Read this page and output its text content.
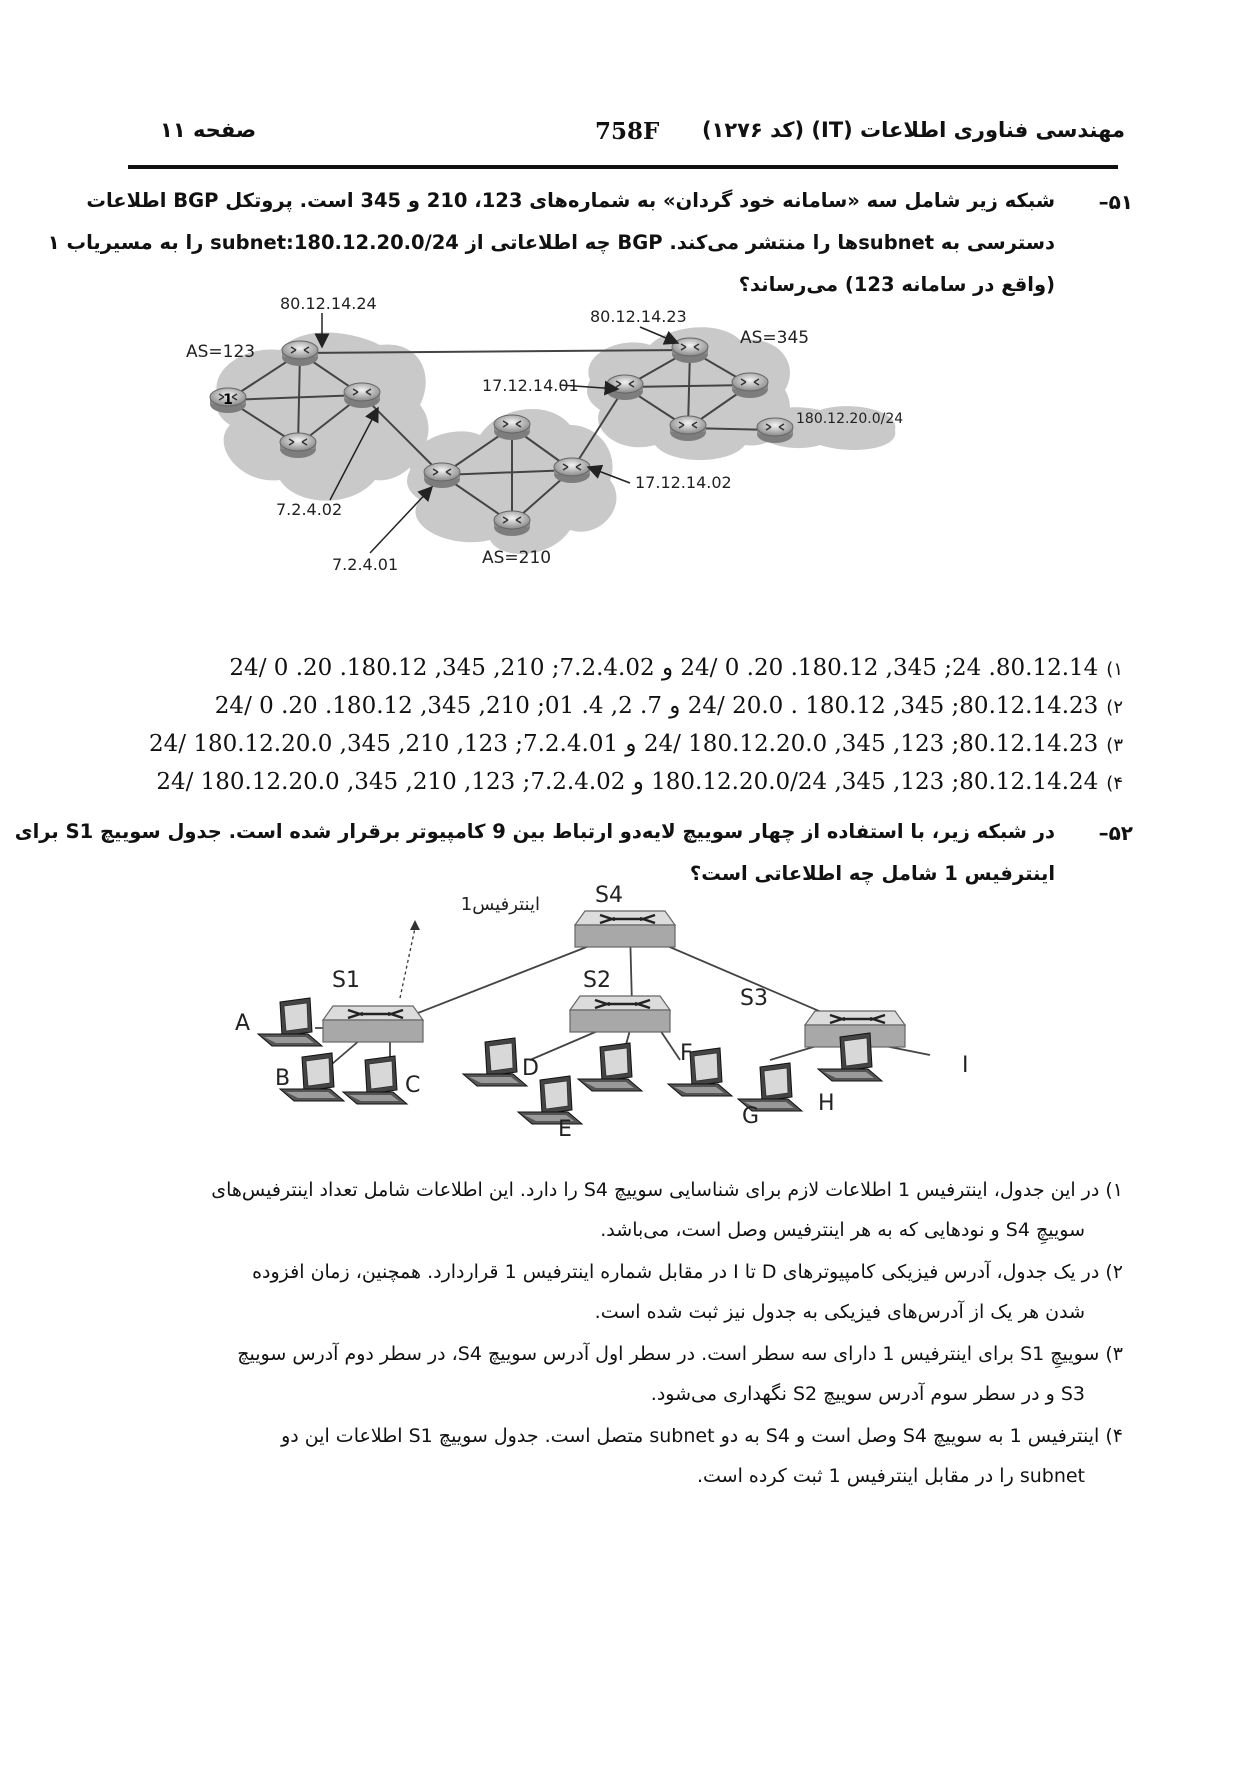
صفحه ۱۱	758F مهندسی فناوری اطلاعات (IT) (کد ۱۲۷۶)
۵۱–
شبکه زیر شامل سه «سامانه خود گردان» به شماره‌های 123، 210 و 345 است. پروتکل BGP اطلاعات
دسترسی به subnetها را منتشر می‌کند. BGP چه اطلاعاتی از subnet:180.12.20.0/24 را به مسیریاب ۱
(واقع در سامانه 123) می‌رساند؟
1
80.12.14.24
80.12.14.23
AS=123
AS=345
17.12.14.01
180.12.20.0/24
17.12.14.02
7.2.4.02
7.2.4.01	AS=210
۱)80.12.14. 24; 345, 180.12. 20. 0 /24 و 7.2.4.02; 210, 345, 180.12. 20. 0 /24
۲)80.12.14.23; 345, 180.12 . 20.0 /24 و 7. 2, 4. 01; 210, 345, 180.12. 20. 0 /24
۳)80.12.14.23; 123, 345, 180.12.20.0 /24 و 7.2.4.01; 123, 210, 345, 180.12.20.0 /24
۴)80.12.14.24; 123, 345, 180.12.20.0/24 و 7.2.4.02; 123, 210, 345, 180.12.20.0 /24
۵۲–
در شبکه زیر، با استفاده از چهار سوییچ لایه‌دو ارتباط بین 9 کامپیوتر برقرار شده است. جدول سوییچ S1 برای
اینترفیس 1 شامل چه اطلاعاتی است؟
S4
S1	S2
S3
A
B	C
D
E
F
G
H
I
اینترفیس1
۱) در این جدول، اینترفیس 1 اطلاعات لازم برای شناسایی سوییچ S4 را دارد. این اطلاعات شامل تعداد اینترفیس‌های
سوییچِ S4 و نودهایی که به هر اینترفیس وصل است، می‌باشد.
۲) در یک جدول، آدرس فیزیکی کامپیوترهای D تا I در مقابل شماره اینترفیس 1 قراردارد. همچنین، زمان افزوده
شدن هر یک از آدرس‌های فیزیکی به جدول نیز ثبت شده است.
۳) سوییچِ S1 برای اینترفیس 1 دارای سه سطر است. در سطر اول آدرس سوییچ S4، در سطر دوم آدرس سوییچ
S3 و در سطر سوم آدرس سوییچ S2 نگهداری می‌شود.
۴) اینترفیس 1 به سوییچ S4 وصل است و S4 به دو subnet متصل است. جدول سوییچ S1 اطلاعات این دو
subnet را در مقابل اینترفیس 1 ثبت کرده است.
